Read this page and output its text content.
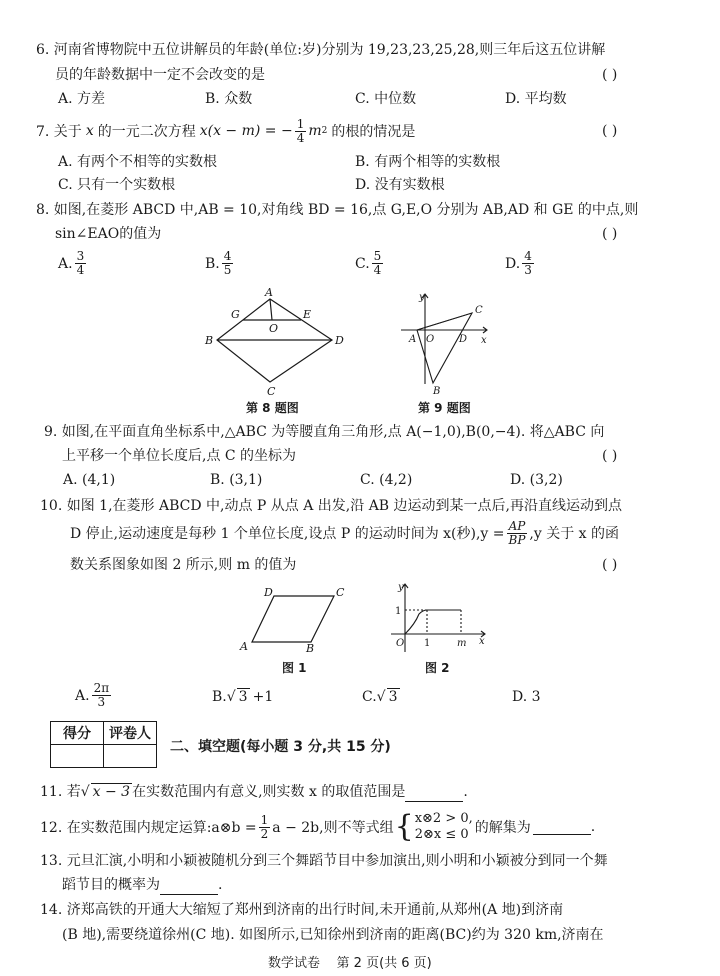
6. 河南省博物院中五位讲解员的年龄(单位:岁)分别为 19,23,23,25,28,则三年后这五位讲解
员的年龄数据中一定不会改变的是	( )
A. 方差	B. 众数	C. 中位数	D. 平均数
7. 关于 x 的一元二次方程 x(x − m) = − $\frac{1}{4}$ m 2 的根的情况是	( )
A. 有两个不相等的实数根	B. 有两个相等的实数根
C. 只有一个实数根	D. 没有实数根
8. 如图,在菱形 ABCD 中,AB = 10,对角线 BD = 16,点 G,E,O 分别为 AB,AD 和 GE 的中点,则
sin∠EAO的值为	( )
A. $\frac{3}{4}$	B. $\frac{4}{5}$	C. $\frac{5}{4}$	D. $\frac{4}{3}$
A
B
C
D
G	E
O
第 8 题图
y
x
A O D
C
B
第 9 题图
9. 如图,在平面直角坐标系中,△ABC 为等腰直角三角形,点 A(−1,0),B(0,−4). 将△ABC 向
上平移一个单位长度后,点 C 的坐标为	( )
A. (4,1)	B. (3,1)	C. (4,2)	D. (3,2)
10. 如图 1,在菱形 ABCD 中,动点 P 从点 A 出发,沿 AB 边运动到某一点后,再沿直线运动到点
D 停止,运动速度是每秒 1 个单位长度,设点 P 的运动时间为 x(秒)$,y = \frac{AP}{BP} ,y$ 关于 x 的函
数关系图象如图 2 所示,则 m 的值为	( )
A	B
C
D
图 1
y
1
O 1	m x
图 2
A. $\frac{2\pi}{3}$	B.√ 3 +1	C.√ 3	D. 3
得分	评卷人

二、填空题(每小题 3 分,共 15 分)
11. 若√ x − 3 在实数范围内有意义,则实数 x 的取值范围是	.
12. 在实数范围内规定运算:a⊗b = $\frac{1}{2}$ a − 2b,则不等式组 { x⊗2 > 0,
2⊗x ≤ 0 的解集为	.
13. 元旦汇演,小明和小颖被随机分到三个舞蹈节目中参加演出,则小明和小颖被分到同一个舞
蹈节目的概率为	.
14. 济郑高铁的开通大大缩短了郑州到济南的出行时间,未开通前,从郑州(A 地)到济南
(B 地),需要绕道徐州(C 地). 如图所示,已知徐州到济南的距离(BC)约为 320 km,济南在
数学试卷    第 2 页(共 6 页)
